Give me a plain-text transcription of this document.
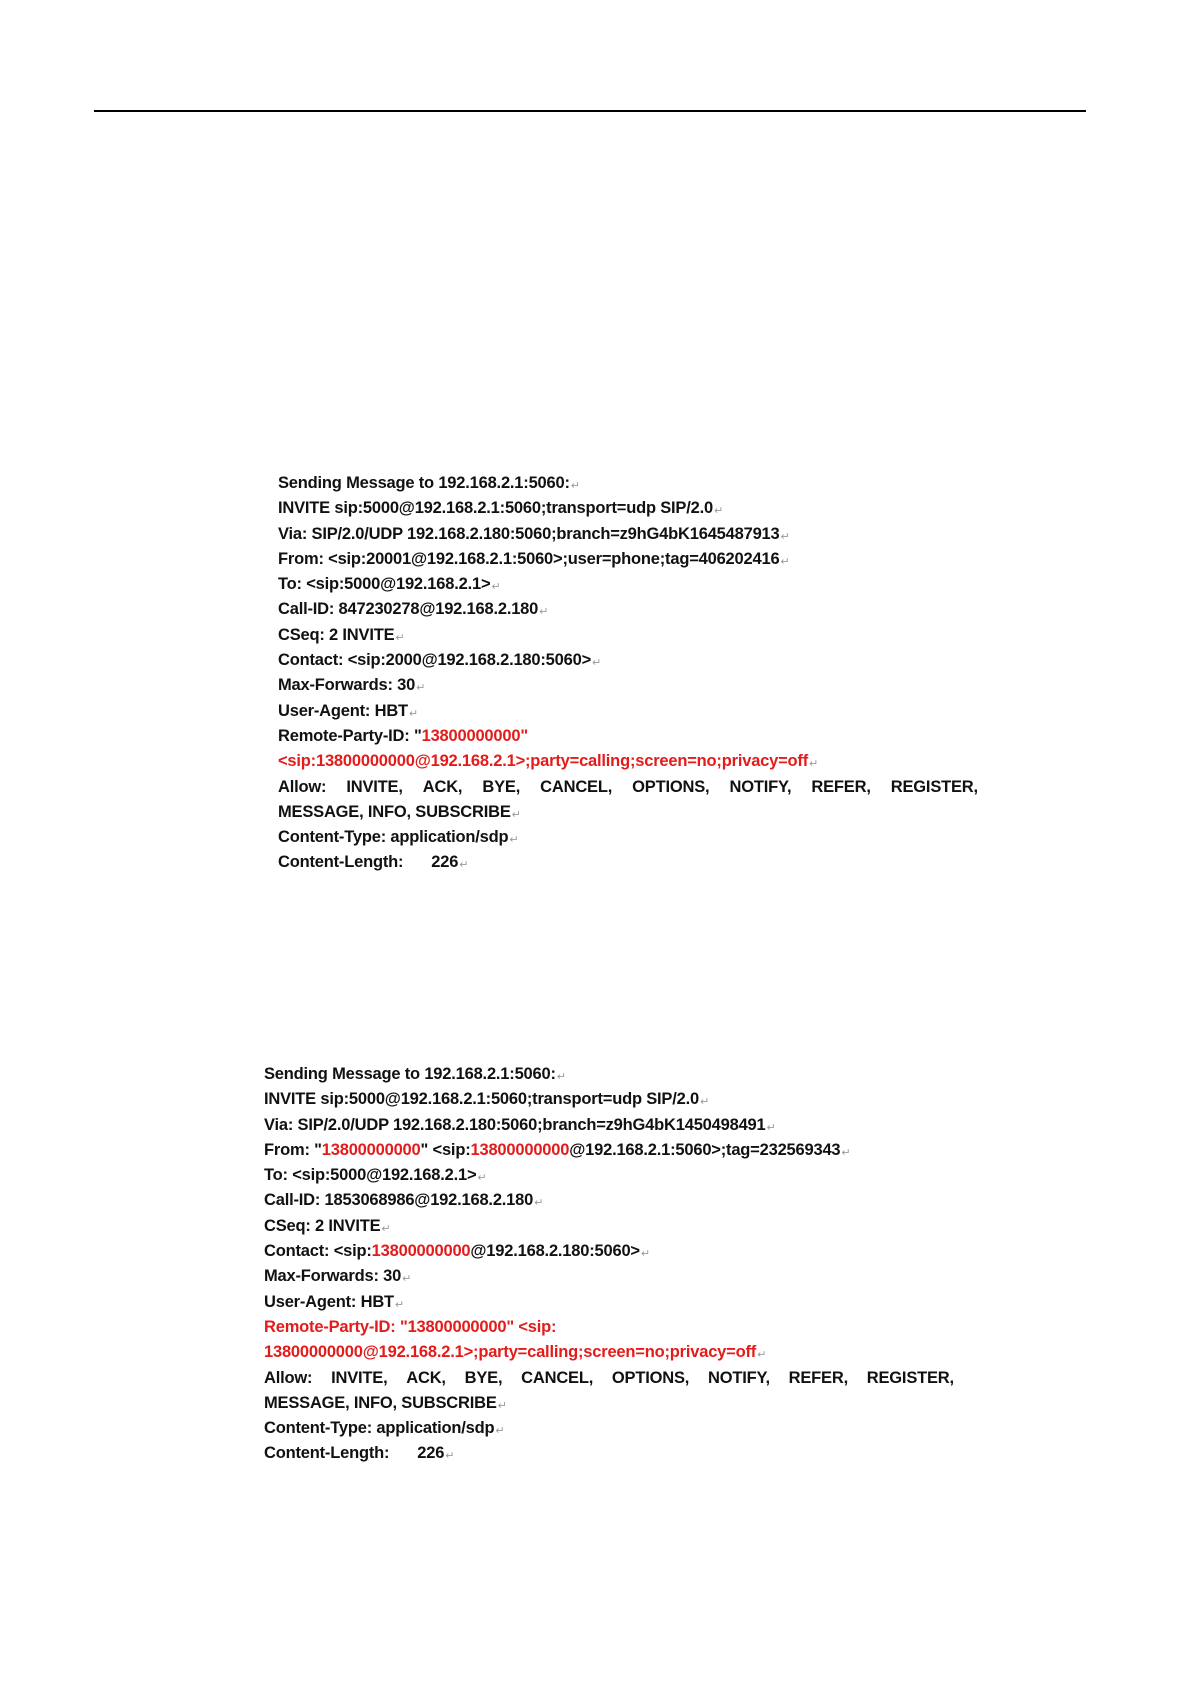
Sending Message to 192.168.2.1:5060:↵
INVITE sip:5000@192.168.2.1:5060;transport=udp SIP/2.0↵
Via: SIP/2.0/UDP 192.168.2.180:5060;branch=z9hG4bK1645487913↵
From: <sip:20001@192.168.2.1:5060>;user=phone;tag=406202416↵
To: <sip:5000@192.168.2.1>↵
Call-ID: 847230278@192.168.2.180↵
CSeq: 2 INVITE↵
Contact: <sip:2000@192.168.2.180:5060>↵
Max-Forwards: 30↵
User-Agent: HBT↵
Remote-Party-ID: "13800000000"
<sip:13800000000@192.168.2.1>;party=calling;screen=no;privacy=off↵
Allow: INVITE, ACK, BYE, CANCEL, OPTIONS, NOTIFY, REFER, REGISTER,
MESSAGE, INFO, SUBSCRIBE↵
Content-Type: application/sdp↵
Content-Length: 226↵
Sending Message to 192.168.2.1:5060:↵
INVITE sip:5000@192.168.2.1:5060;transport=udp SIP/2.0↵
Via: SIP/2.0/UDP 192.168.2.180:5060;branch=z9hG4bK1450498491↵
From: "13800000000" <sip:13800000000@192.168.2.1:5060>;tag=232569343↵
To: <sip:5000@192.168.2.1>↵
Call-ID: 1853068986@192.168.2.180↵
CSeq: 2 INVITE↵
Contact: <sip:13800000000@192.168.2.180:5060>↵
Max-Forwards: 30↵
User-Agent: HBT↵
Remote-Party-ID: "13800000000" <sip:
13800000000@192.168.2.1>;party=calling;screen=no;privacy=off↵
Allow: INVITE, ACK, BYE, CANCEL, OPTIONS, NOTIFY, REFER, REGISTER,
MESSAGE, INFO, SUBSCRIBE↵
Content-Type: application/sdp↵
Content-Length: 226↵
